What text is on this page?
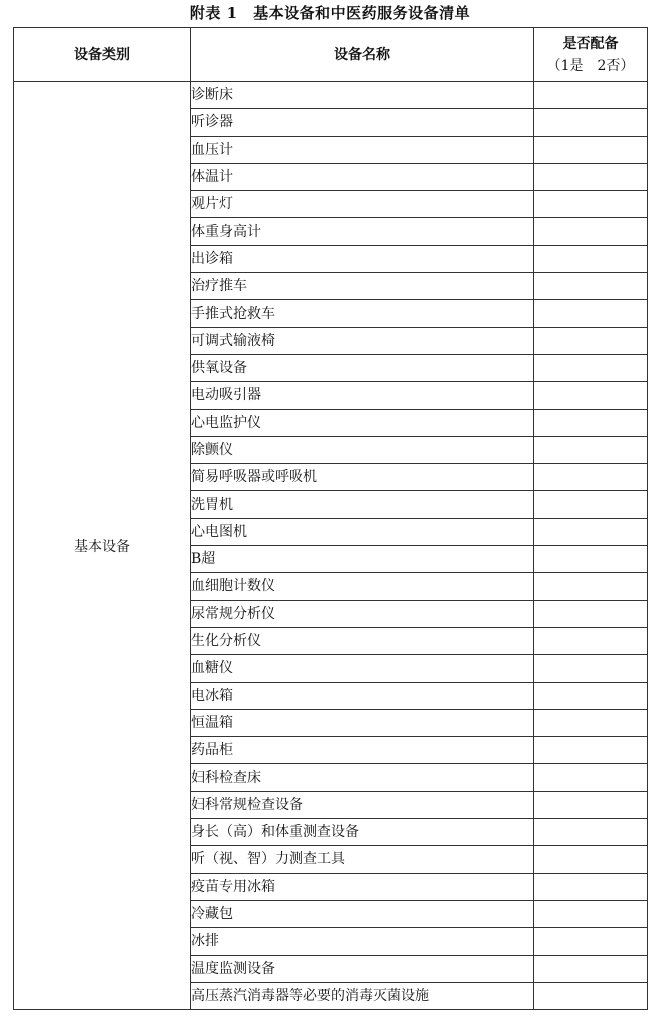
附表 1　基本设备和中医药服务设备清单
设备类别	设备名称	是否配备
（1是　2否）

基本设备	诊断床	
	听诊器	
	血压计	
	体温计	
	观片灯	
	体重身高计	
	出诊箱	
	治疗推车	
	手推式抢救车	
	可调式输液椅	
	供氧设备	
	电动吸引器	
	心电监护仪	
	除颤仪	
	简易呼吸器或呼吸机	
	洗胃机	
	心电图机	
	B超	
	血细胞计数仪	
	尿常规分析仪	
	生化分析仪	
	血糖仪	
	电冰箱	
	恒温箱	
	药品柜	
	妇科检查床	
	妇科常规检查设备	
	身长（高）和体重测查设备	
	听（视、智）力测查工具	
	疫苗专用冰箱	
	冷藏包	
	冰排	
	温度监测设备	
	高压蒸汽消毒器等必要的消毒灭菌设施	
